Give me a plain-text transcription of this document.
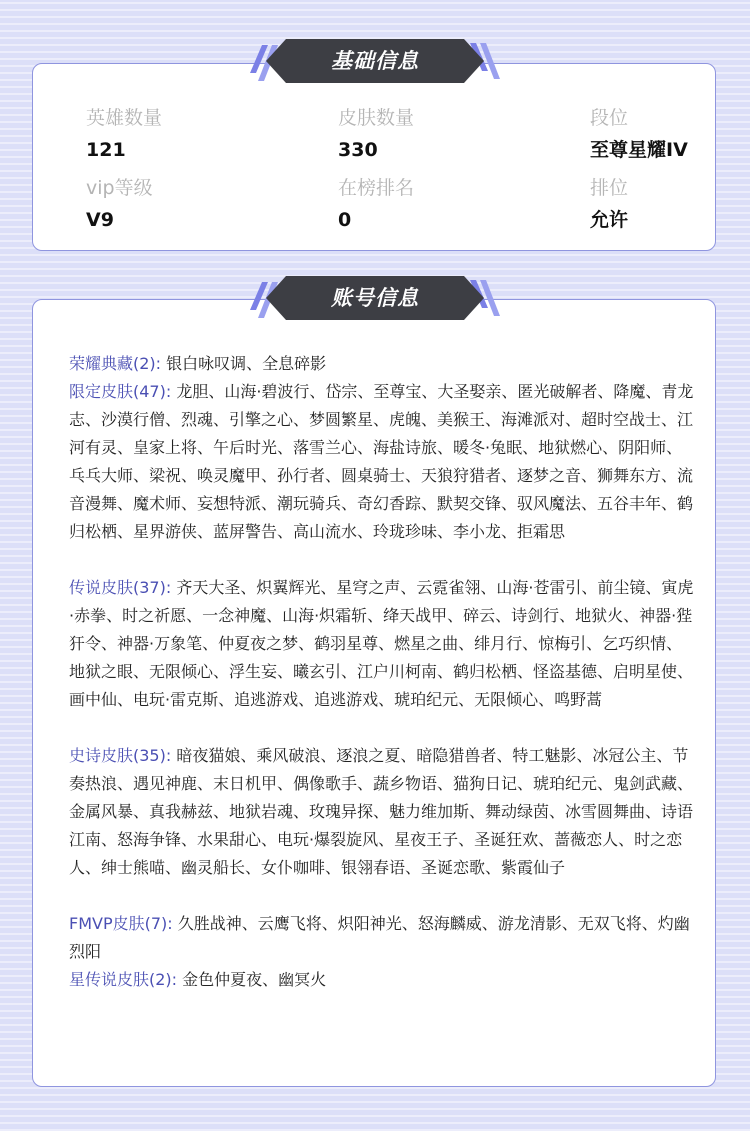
英雄数量
121
皮肤数量
330
段位
至尊星耀IV
vip等级
V9
在榜排名
0
排位
允许
基础信息
荣耀典藏(2): 银白咏叹调、全息碎影
限定皮肤(47): 龙胆、山海·碧波行、岱宗、至尊宝、大圣娶亲、匿光破解者、降魔、青龙志、沙漠行僧、烈魂、引擎之心、梦圆繁星、虎魄、美猴王、海滩派对、超时空战士、江河有灵、皇家上将、午后时光、落雪兰心、海盐诗旅、暖冬·兔眠、地狱燃心、阴阳师、乓乓大师、梁祝、唤灵魔甲、孙行者、圆桌骑士、天狼狩猎者、逐梦之音、狮舞东方、流音漫舞、魔术师、妄想特派、潮玩骑兵、奇幻香踪、默契交锋、驭风魔法、五谷丰年、鹤归松栖、星界游侠、蓝屏警告、高山流水、玲珑珍味、李小龙、拒霜思
传说皮肤(37): 齐天大圣、炽翼辉光、星穹之声、云霓雀翎、山海·苍雷引、前尘镜、寅虎·赤拳、时之祈愿、一念神魔、山海·炽霜斩、绛天战甲、碎云、诗剑行、地狱火、神器·狴犴令、神器·万象笔、仲夏夜之梦、鹤羽星尊、燃星之曲、绯月行、惊梅引、乞巧织情、地狱之眼、无限倾心、浮生妄、曦玄引、江户川柯南、鹤归松栖、怪盗基德、启明星使、画中仙、电玩·雷克斯、追逃游戏、追逃游戏、琥珀纪元、无限倾心、鸣野蒿
史诗皮肤(35): 暗夜猫娘、乘风破浪、逐浪之夏、暗隐猎兽者、特工魅影、冰冠公主、节奏热浪、遇见神鹿、末日机甲、偶像歌手、蔬乡物语、猫狗日记、琥珀纪元、鬼剑武藏、金属风暴、真我赫兹、地狱岩魂、玫瑰异探、魅力维加斯、舞动绿茵、冰雪圆舞曲、诗语江南、怒海争锋、水果甜心、电玩·爆裂旋风、星夜王子、圣诞狂欢、蔷薇恋人、时之恋人、绅士熊喵、幽灵船长、女仆咖啡、银翎春语、圣诞恋歌、紫霞仙子
FMVP皮肤(7): 久胜战神、云鹰飞将、炽阳神光、怒海麟威、游龙清影、无双飞将、灼幽烈阳
星传说皮肤(2): 金色仲夏夜、幽冥火
账号信息
